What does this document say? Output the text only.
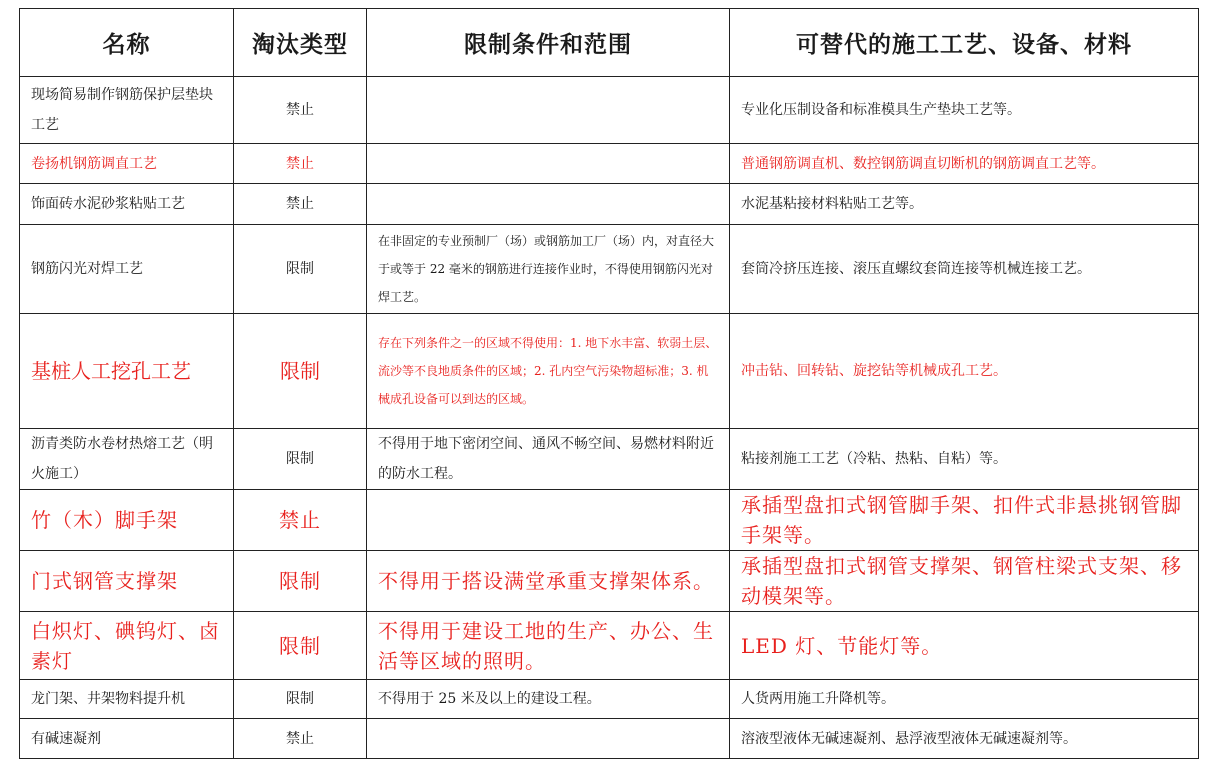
名称	淘汰类型	限制条件和范围	可替代的施工工艺、设备、材料
现场简易制作钢筋保护层垫块工艺	禁止		专业化压制设备和标准模具生产垫块工艺等。
卷扬机钢筋调直工艺	禁止		普通钢筋调直机、数控钢筋调直切断机的钢筋调直工艺等。
饰面砖水泥砂浆粘贴工艺	禁止		水泥基粘接材料粘贴工艺等。
钢筋闪光对焊工艺	限制	在非固定的专业预制厂（场）或钢筋加工厂（场）内，对直径大于或等于 22 毫米的钢筋进行连接作业时，不得使用钢筋闪光对焊工艺。	套筒冷挤压连接、滚压直螺纹套筒连接等机械连接工艺。
基桩人工挖孔工艺	限制	存在下列条件之一的区域不得使用：1. 地下水丰富、软弱土层、流沙等不良地质条件的区域；2. 孔内空气污染物超标准；3. 机械成孔设备可以到达的区域。	冲击钻、回转钻、旋挖钻等机械成孔工艺。
沥青类防水卷材热熔工艺（明火施工）	限制	不得用于地下密闭空间、通风不畅空间、易燃材料附近的防水工程。	粘接剂施工工艺（冷粘、热粘、自粘）等。
竹（木）脚手架	禁止		承插型盘扣式钢管脚手架、扣件式非悬挑钢管脚手架等。
门式钢管支撑架	限制	不得用于搭设满堂承重支撑架体系。	承插型盘扣式钢管支撑架、钢管柱梁式支架、移动模架等。
白炽灯、碘钨灯、卤素灯	限制	不得用于建设工地的生产、办公、生活等区域的照明。	LED 灯、节能灯等。
龙门架、井架物料提升机	限制	不得用于 25 米及以上的建设工程。	人货两用施工升降机等。
有碱速凝剂	禁止		溶液型液体无碱速凝剂、悬浮液型液体无碱速凝剂等。
